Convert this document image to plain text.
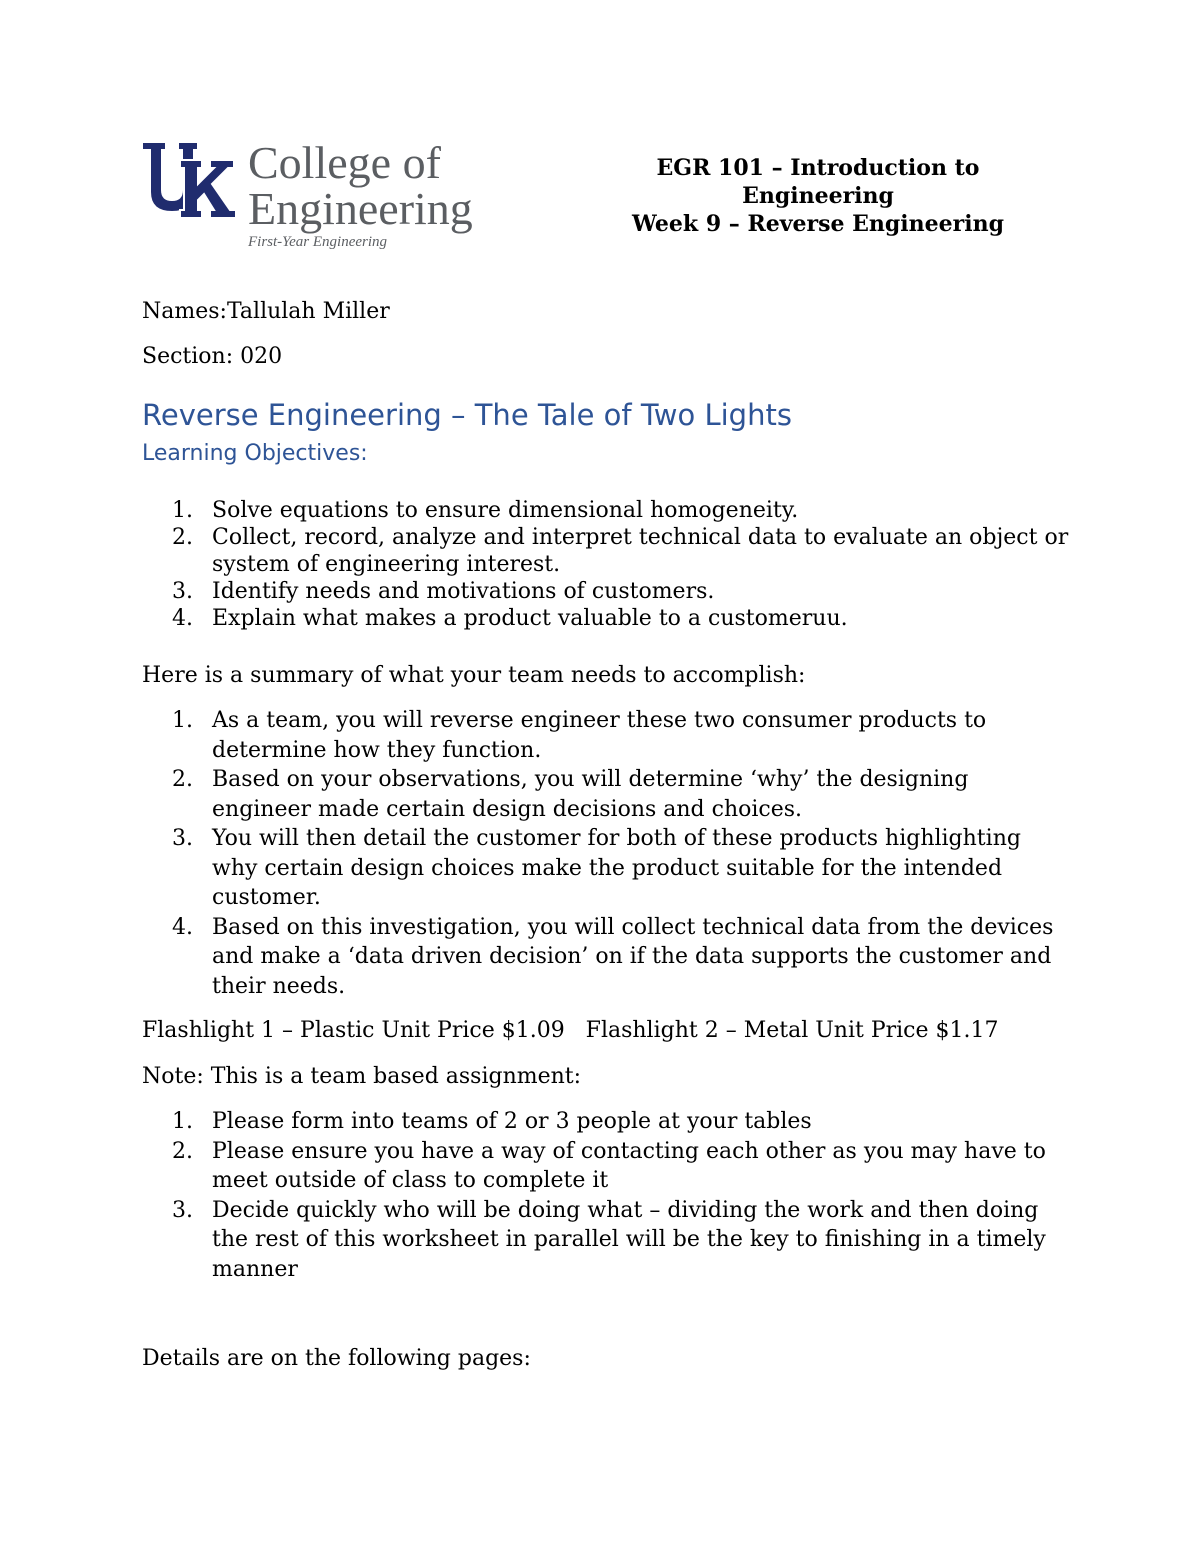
College of
Engineering
First-Year Engineering
EGR 101 – Introduction to
Engineering
Week 9 – Reverse Engineering
Names:Tallulah Miller
Section: 020
Reverse Engineering – The Tale of Two Lights
Learning Objectives:
1. Solve equations to ensure dimensional homogeneity.
2. Collect, record, analyze and interpret technical data to evaluate an object or system of engineering interest.
3. Identify needs and motivations of customers.
4. Explain what makes a product valuable to a customeruu.
Here is a summary of what your team needs to accomplish:
1. As a team, you will reverse engineer these two consumer products to determine how they function.
2. Based on your observations, you will determine ‘why’ the designing engineer made certain design decisions and choices.
3. You will then detail the customer for both of these products highlighting why certain design choices make the product suitable for the intended customer.
4. Based on this investigation, you will collect technical data from the devices and make a ‘data driven decision’ on if the data supports the customer and their needs.
Flashlight 1 – Plastic Unit Price $1.09   Flashlight 2 – Metal Unit Price $1.17
Note: This is a team based assignment:
1. Please form into teams of 2 or 3 people at your tables
2. Please ensure you have a way of contacting each other as you may have to meet outside of class to complete it
3. Decide quickly who will be doing what – dividing the work and then doing the rest of this worksheet in parallel will be the key to finishing in a timely manner
Details are on the following pages:
